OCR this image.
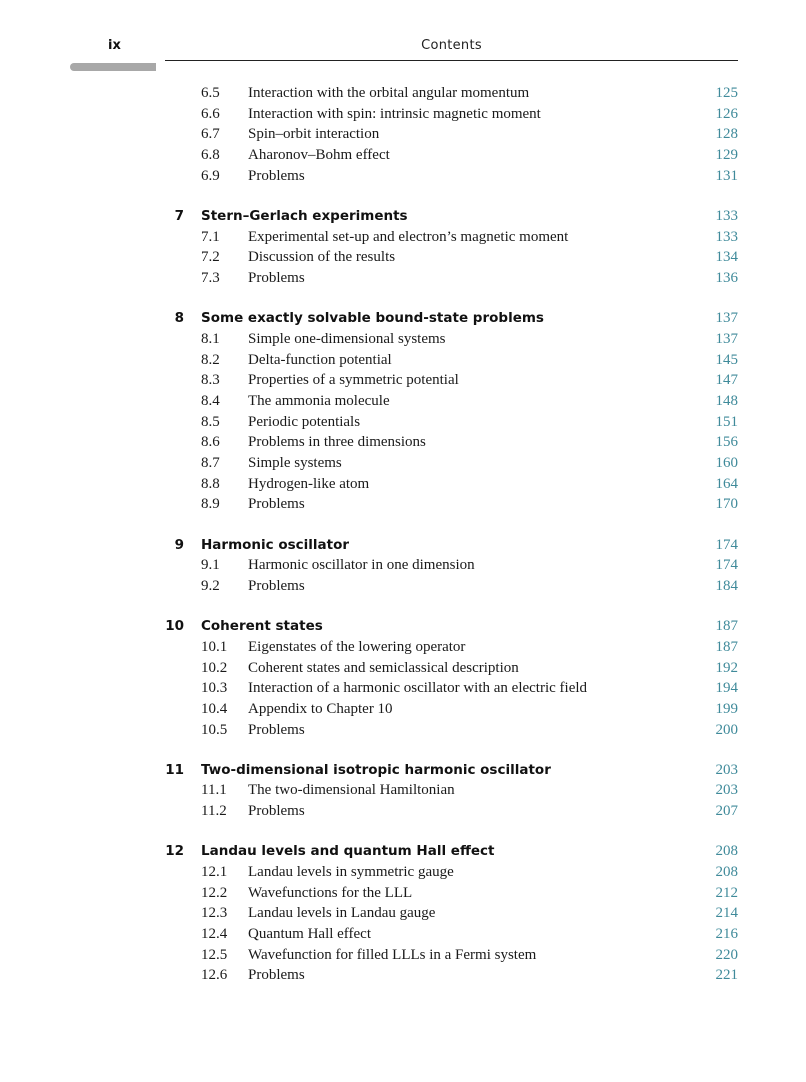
ix	Contents
6.5 Interaction with the orbital angular momentum	125
6.6 Interaction with spin: intrinsic magnetic moment	126
6.7 Spin–orbit interaction	128
6.8 Aharonov–Bohm effect	129
6.9 Problems	131
7 Stern–Gerlach experiments	133
7.1 Experimental set-up and electron’s magnetic moment	133
7.2 Discussion of the results	134
7.3 Problems	136
8 Some exactly solvable bound-state problems	137
8.1 Simple one-dimensional systems	137
8.2 Delta-function potential	145
8.3 Properties of a symmetric potential	147
8.4 The ammonia molecule	148
8.5 Periodic potentials	151
8.6 Problems in three dimensions	156
8.7 Simple systems	160
8.8 Hydrogen-like atom	164
8.9 Problems	170
9 Harmonic oscillator	174
9.1 Harmonic oscillator in one dimension	174
9.2 Problems	184
10 Coherent states	187
10.1 Eigenstates of the lowering operator	187
10.2 Coherent states and semiclassical description	192
10.3 Interaction of a harmonic oscillator with an electric field	194
10.4 Appendix to Chapter 10	199
10.5 Problems	200
11 Two-dimensional isotropic harmonic oscillator	203
11.1 The two-dimensional Hamiltonian	203
11.2 Problems	207
12 Landau levels and quantum Hall effect	208
12.1 Landau levels in symmetric gauge	208
12.2 Wavefunctions for the LLL	212
12.3 Landau levels in Landau gauge	214
12.4 Quantum Hall effect	216
12.5 Wavefunction for filled LLLs in a Fermi system	220
12.6 Problems	221
